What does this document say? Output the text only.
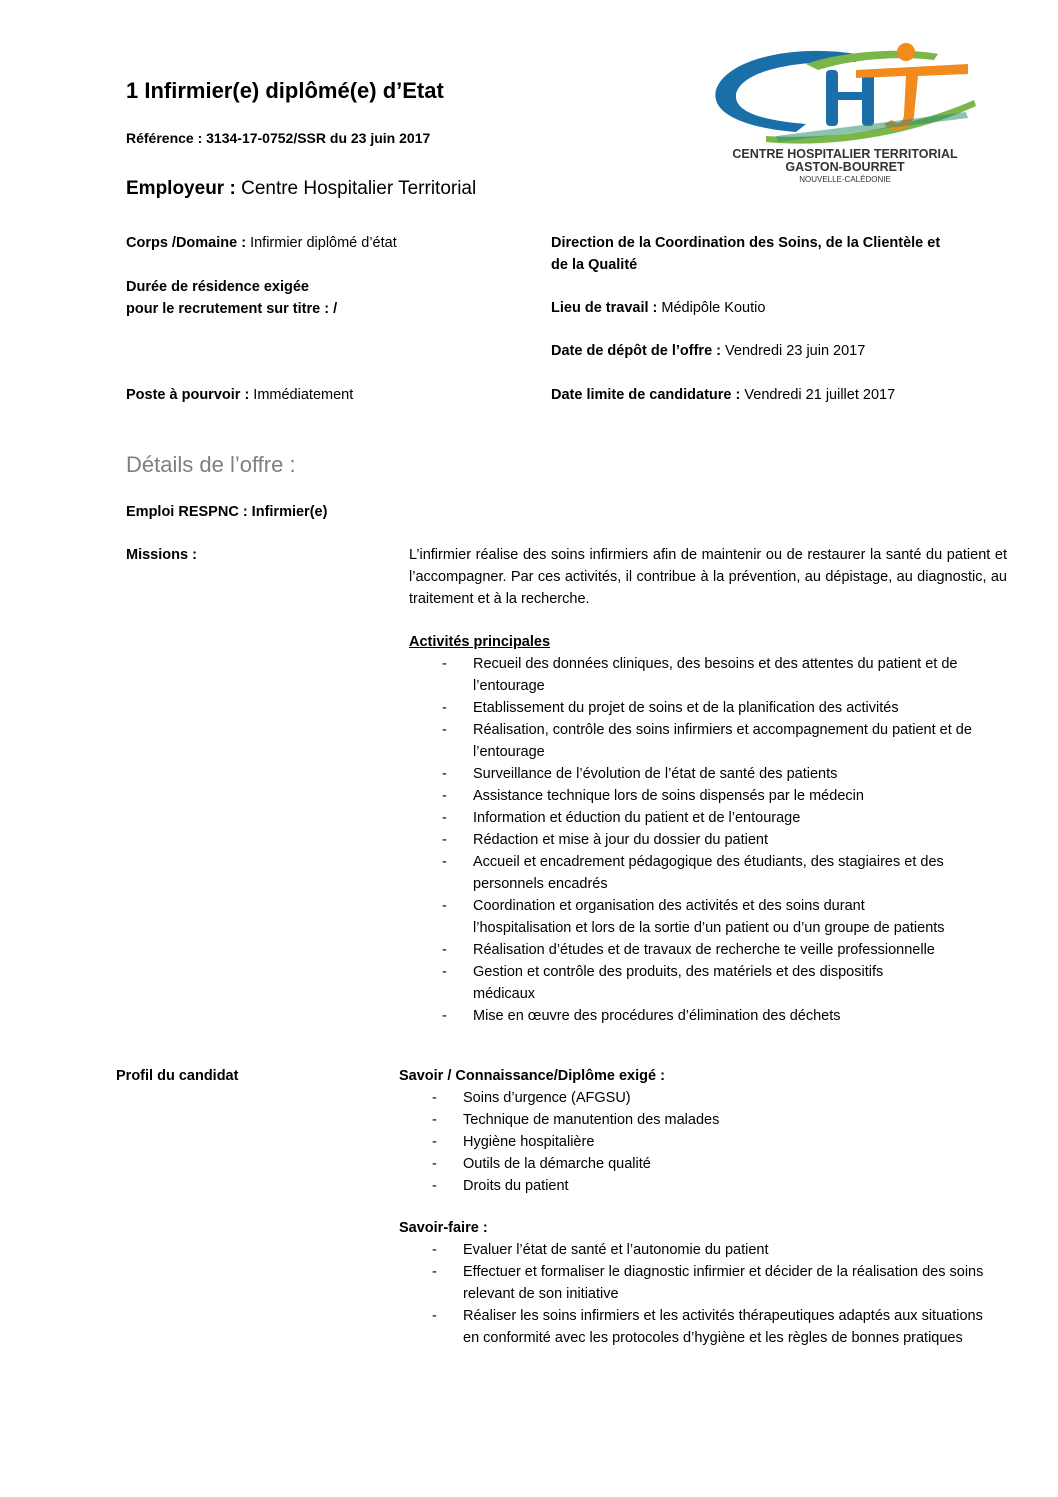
1 Infirmier(e) diplômé(e) d’Etat
Référence : 3134-17-0752/SSR du 23 juin 2017
Employeur : Centre Hospitalier Territorial
CENTRE HOSPITALIER TERRITORIAL
GASTON-BOURRET
NOUVELLE-CALÉDONIE
Corps /Domaine : Infirmier diplômé d’état
Durée de résidence exigée
pour le recrutement sur titre : /
Poste à pourvoir : Immédiatement
Direction de la Coordination des Soins, de la Clientèle et
de la Qualité
Lieu de travail : Médipôle Koutio
Date de dépôt de l’offre : Vendredi 23 juin 2017
Date limite de candidature : Vendredi 21 juillet 2017
Détails de l’offre :
Emploi RESPNC : Infirmier(e)
Missions :	L’infirmier réalise des soins infirmiers afin de maintenir ou de restaurer la santé du patient et l’accompagner. Par ces activités, il contribue à la prévention, au dépistage, au diagnostic, au traitement et à la recherche.
Activités principales
- Recueil des données cliniques, des besoins et des attentes du patient et de l’entourage
- Etablissement du projet de soins et de la planification des activités
- Réalisation, contrôle des soins infirmiers et accompagnement du patient et de l’entourage
- Surveillance de l’évolution de l’état de santé des patients
- Assistance technique lors de soins dispensés par le médecin
- Information et éduction du patient et de l’entourage
- Rédaction et mise à jour du dossier du patient
- Accueil et encadrement pédagogique des étudiants, des stagiaires et des personnels encadrés
- Coordination et organisation des activités et des soins durant l’hospitalisation et lors de la sortie d’un patient ou d’un groupe de patients
- Réalisation d’études et de travaux de recherche te veille professionnelle
- Gestion et contrôle des produits, des matériels et des dispositifs médicaux
- Mise en œuvre des procédures d’élimination des déchets
Profil du candidat	Savoir / Connaissance/Diplôme exigé :
- Soins d’urgence (AFGSU)
- Technique de manutention des malades
- Hygiène hospitalière
- Outils de la démarche qualité
- Droits du patient
Savoir-faire :
- Evaluer l’état de santé et l’autonomie du patient
- Effectuer et formaliser le diagnostic infirmier et décider de la réalisation des soins relevant de son initiative
- Réaliser les soins infirmiers et les activités thérapeutiques adaptés aux situations en conformité avec les protocoles d’hygiène et les règles de bonnes pratiques
